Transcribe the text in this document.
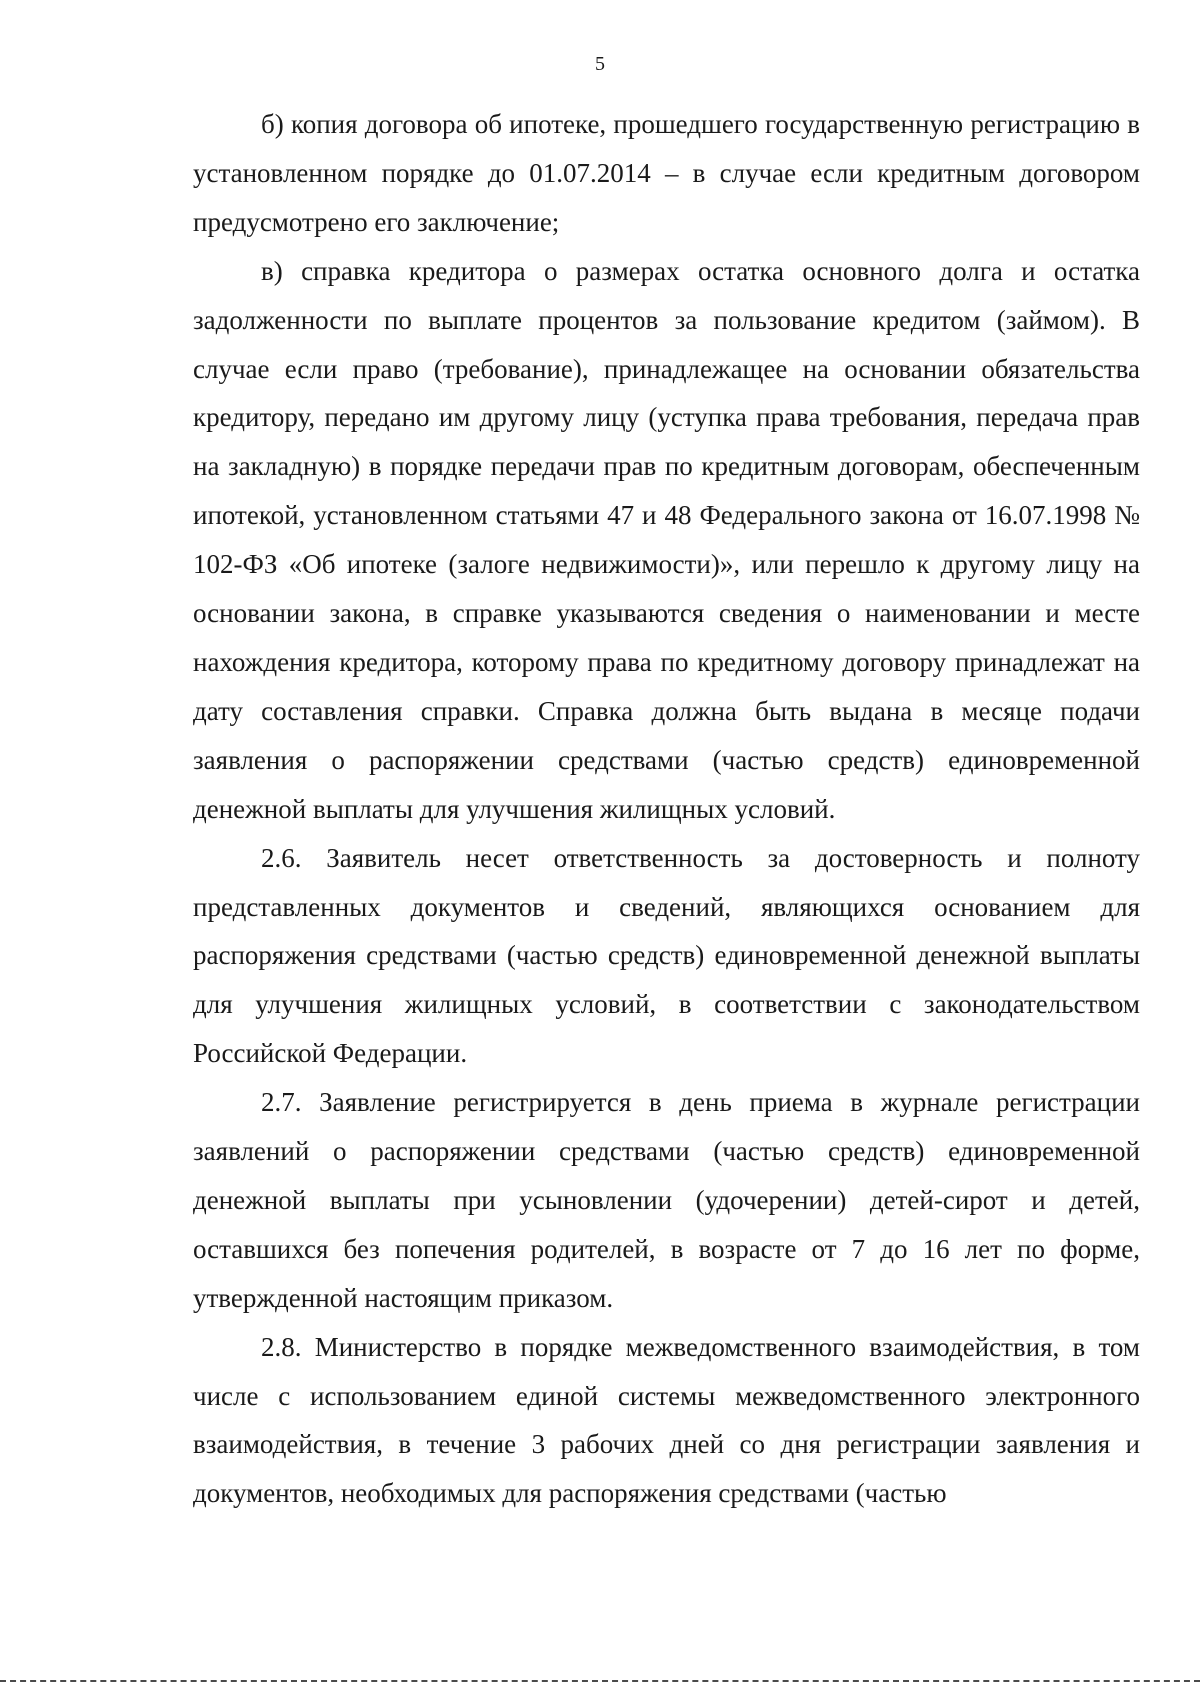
5

б) копия договора об ипотеке, прошедшего государственную регистрацию в установленном порядке до 01.07.2014 – в случае если кредитным договором предусмотрено его заключение;

в) справка кредитора о размерах остатка основного долга и остатка задолженности по выплате процентов за пользование кредитом (займом). В случае если право (требование), принадлежащее на основании обязательства кредитору, передано им другому лицу (уступка права требования, передача прав на закладную) в порядке передачи прав по кредитным договорам, обеспеченным ипотекой, установленном статьями 47 и 48 Федерального закона от 16.07.1998 № 102-ФЗ «Об ипотеке (залоге недвижимости)», или перешло к другому лицу на основании закона, в справке указываются сведения о наименовании и месте нахождения кредитора, которому права по кредитному договору принадлежат на дату составления справки. Справка должна быть выдана в месяце подачи заявления о распоряжении средствами (частью средств) единовременной денежной выплаты для улучшения жилищных условий.

2.6. Заявитель несет ответственность за достоверность и полноту представленных документов и сведений, являющихся основанием для распоряжения средствами (частью средств) единовременной денежной выплаты для улучшения жилищных условий, в соответствии с законодательством Российской Федерации.

2.7. Заявление регистрируется в день приема в журнале регистрации заявлений о распоряжении средствами (частью средств) единовременной денежной выплаты при усыновлении (удочерении) детей-сирот и детей, оставшихся без попечения родителей, в возрасте от 7 до 16 лет по форме, утвержденной настоящим приказом.

2.8. Министерство в порядке межведомственного взаимодействия, в том числе с использованием единой системы межведомственного электронного взаимодействия, в течение 3 рабочих дней со дня регистрации заявления и документов, необходимых для распоряжения средствами (частью
